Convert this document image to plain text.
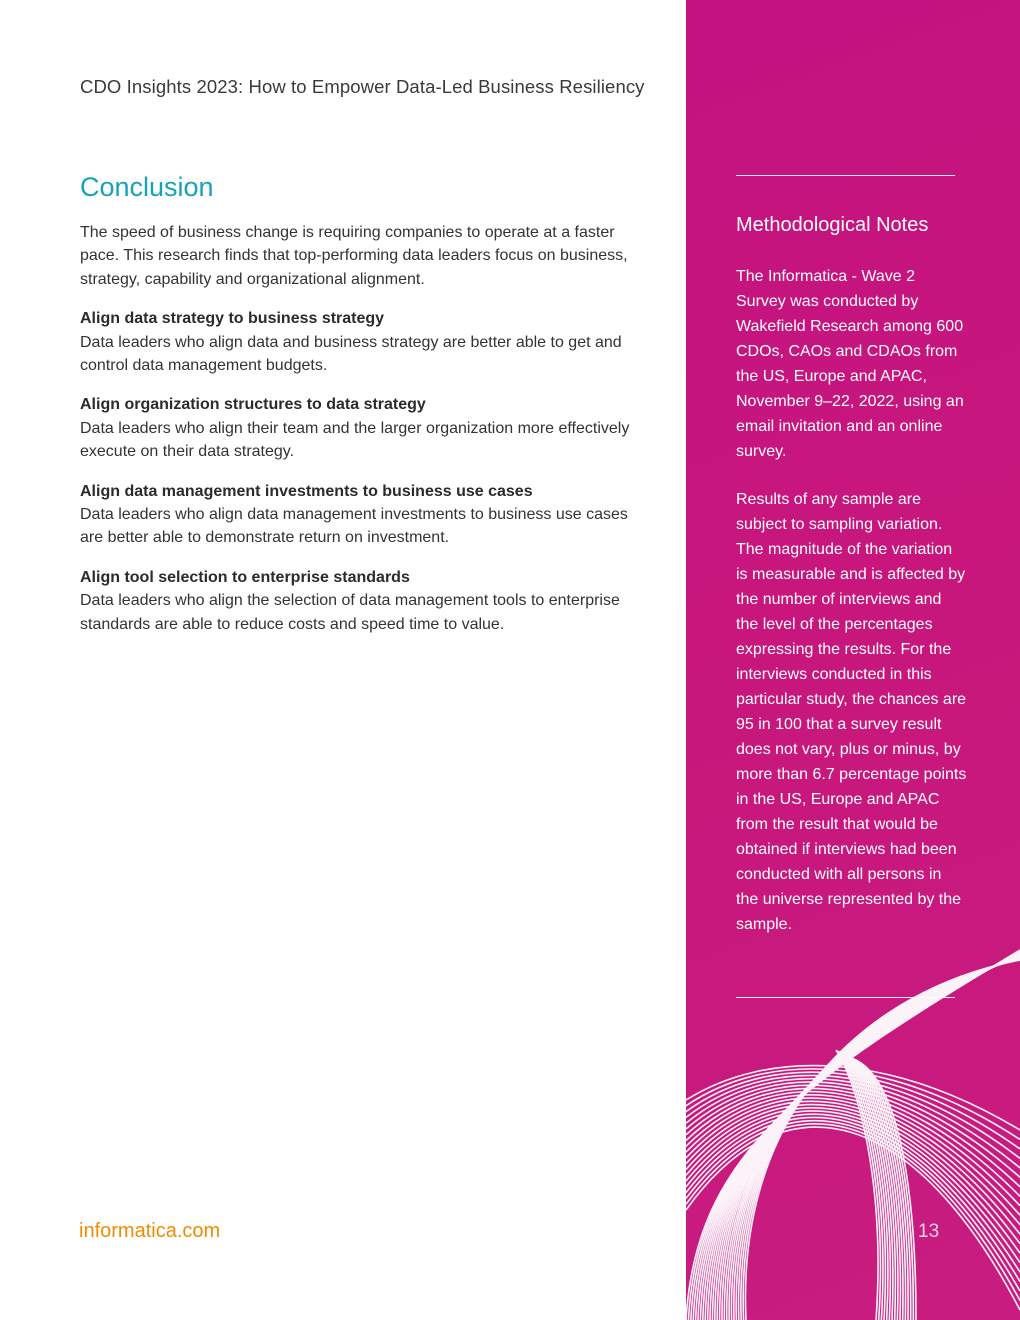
CDO Insights 2023: How to Empower Data-Led Business Resiliency
Conclusion

The speed of business change is requiring companies to operate at a faster pace. This research finds that top-performing data leaders focus on business, strategy, capability and organizational alignment.

Align data strategy to business strategy

Data leaders who align data and business strategy are better able to get and control data management budgets.

Align organization structures to data strategy

Data leaders who align their team and the larger organization more effectively execute on their data strategy.

Align data management investments to business use cases

Data leaders who align data management investments to business use cases are better able to demonstrate return on investment.

Align tool selection to enterprise standards

Data leaders who align the selection of data management tools to enterprise standards are able to reduce costs and speed time to value.

informatica.com
Methodological Notes

The Informatica - Wave 2 Survey was conducted by Wakefield Research among 600 CDOs, CAOs and CDAOs from the US, Europe and APAC, November 9–22, 2022, using an email invitation and an online survey.

Results of any sample are subject to sampling variation. The magnitude of the variation is measurable and is affected by the number of interviews and the level of the percentages expressing the results. For the interviews conducted in this particular study, the chances are 95 in 100 that a survey result does not vary, plus or minus, by more than 6.7 percentage points in the US, Europe and APAC from the result that would be obtained if interviews had been conducted with all persons in the universe represented by the sample.

13
